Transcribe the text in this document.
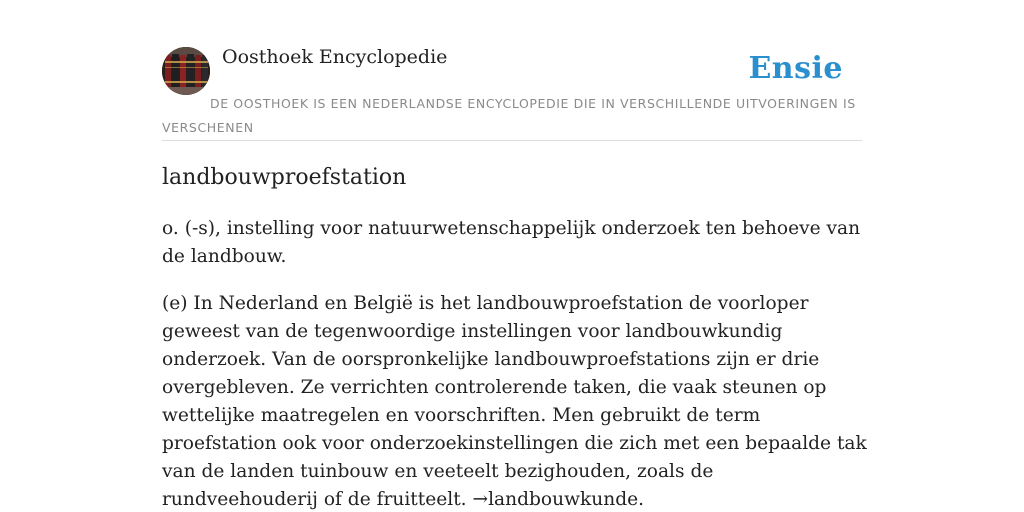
Oosthoek Encyclopedie	Ensie
DE OOSTHOEK IS EEN NEDERLANDSE ENCYCLOPEDIE DIE IN VERSCHILLENDE UITVOERINGEN IS VERSCHENEN
landbouwproefstation

o. (-s), instelling voor natuurwetenschappelijk onderzoek ten behoeve van de landbouw.

(e) In Nederland en België is het landbouwproefstation de voorloper geweest van de tegenwoordige instellingen voor landbouwkundig onderzoek. Van de oorspronkelijke landbouwproefstations zijn er drie overgebleven. Ze verrichten controlerende taken, die vaak steunen op wettelijke maatregelen en voorschriften. Men gebruikt de term proefstation ook voor onderzoekinstellingen die zich met een bepaalde tak van de landen tuinbouw en veeteelt bezighouden, zoals de rundveehouderij of de fruitteelt. →landbouwkunde.
